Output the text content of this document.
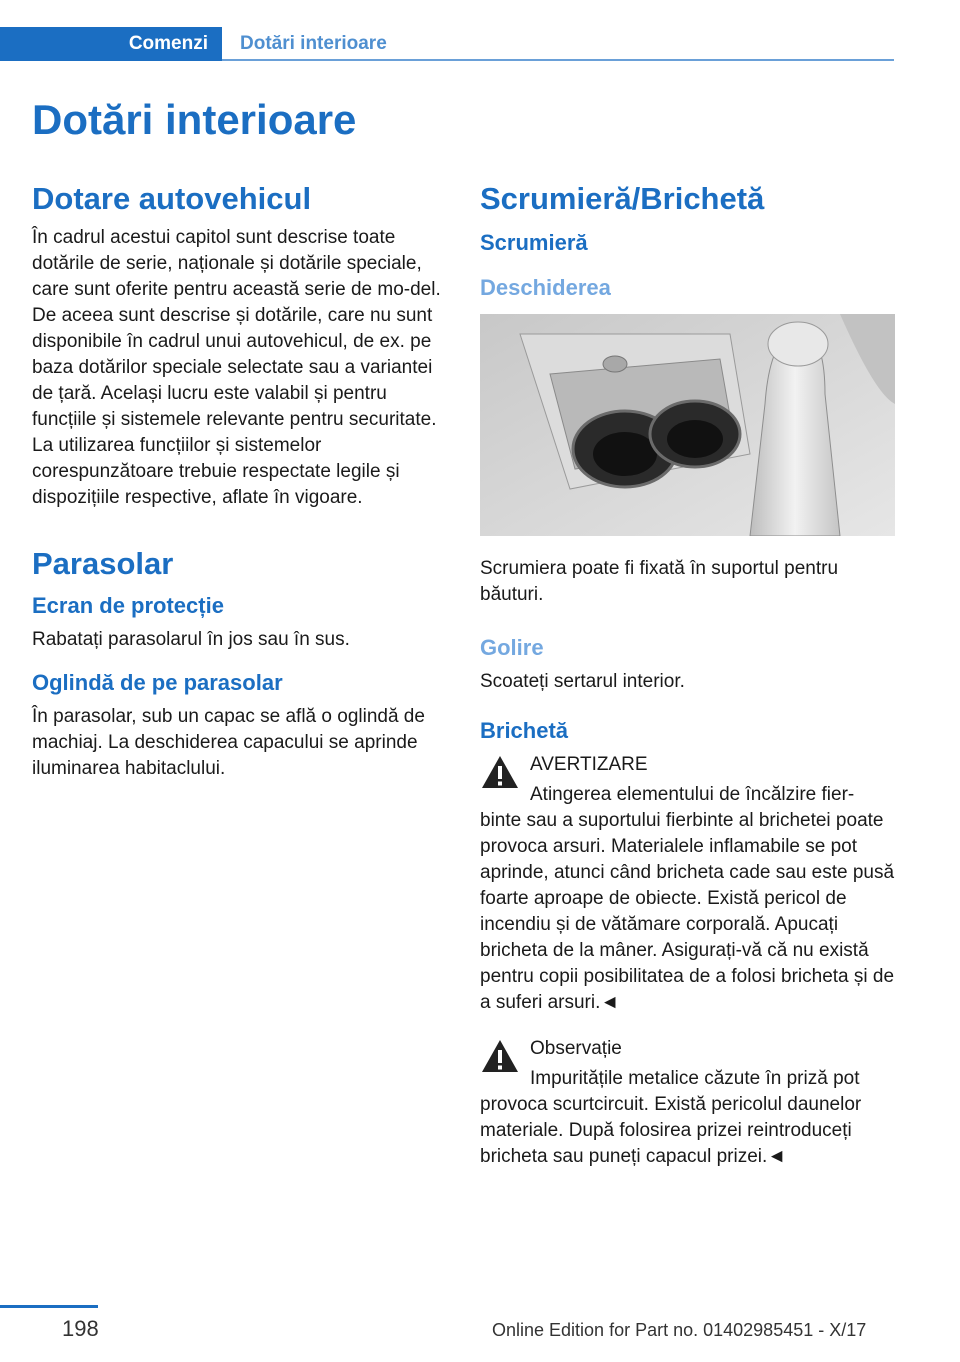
Comenzi	Dotări interioare
Dotări interioare
Dotare autovehicul

În cadrul acestui capitol sunt descrise toate dotările de serie, naționale și dotările speciale, care sunt oferite pentru această serie de mo‐del. De aceea sunt descrise și dotările, care nu sunt disponibile în cadrul unui autovehicul, de ex. pe baza dotărilor speciale selectate sau a variantei de țară. Același lucru este valabil și pentru funcțiile și sistemele relevante pentru securitate. La utilizarea funcțiilor și sistemelor corespunzătoare trebuie respectate legile și dispozițiile respective, aflate în vigoare.

Parasolar
Ecran de protecție

Rabatați parasolarul în jos sau în sus.

Oglindă de pe parasolar

În parasolar, sub un capac se află o oglindă de machiaj. La deschiderea capacului se aprinde iluminarea habitaclului.

Scrumieră/Brichetă
Scrumieră
Deschiderea

Scrumiera poate fi fixată în suportul pentru băuturi.

Golire

Scoateți sertarul interior.

Brichetă

AVERTIZARE

Atingerea elementului de încălzire fier‐binte sau a suportului fierbinte al brichetei poate provoca arsuri. Materialele inflamabile se pot aprinde, atunci când bricheta cade sau este pusă foarte aproape de obiecte. Există pericol de incendiu și de vătămare corporală. Apucați bricheta de la mâner. Asigurați-vă că nu există pentru copii posibilitatea de a folosi bricheta și de a suferi arsuri.◄

Observație

Impuritățile metalice căzute în priză pot provoca scurtcircuit. Există pericolul daunelor materiale. După folosirea prizei reintroduceți bricheta sau puneți capacul prizei.◄

198	Online Edition for Part no. 01402985451 - X/17
